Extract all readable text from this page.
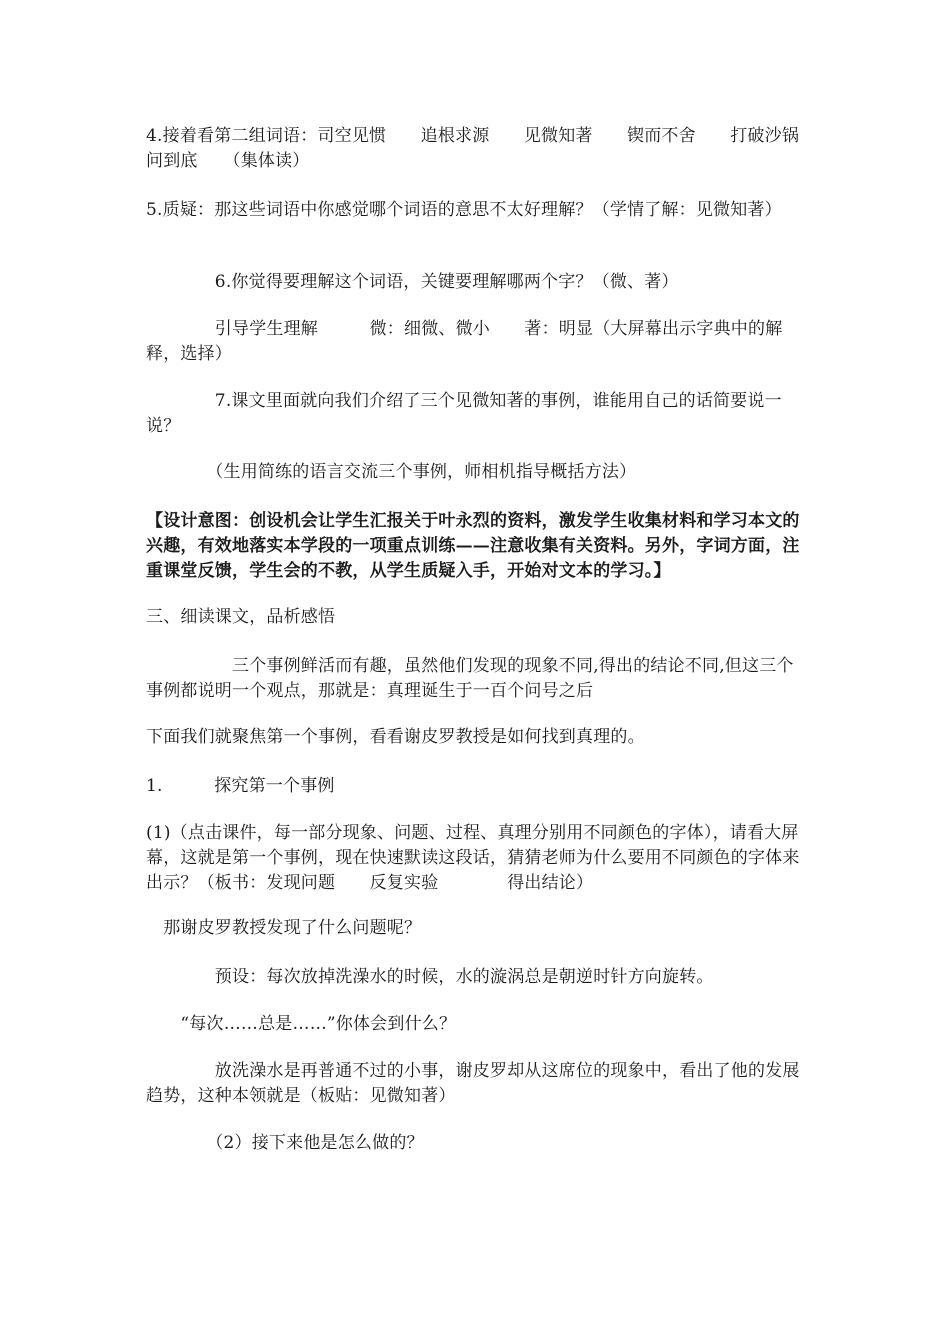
4.接着看第二组词语：司空见惯　　追根求源　　见微知著　　锲而不舍　　打破沙锅问到底　　（集体读）

5.质疑：那这些词语中你感觉哪个词语的意思不太好理解？（学情了解：见微知著）

　　　　6.你觉得要理解这个词语，关键要理解哪两个字？（微、著）

　　　　引导学生理解　　　微：细微、微小　　著：明显（大屏幕出示字典中的解释，选择）

　　　　7.课文里面就向我们介绍了三个见微知著的事例，谁能用自己的话简要说一说？

　　　　（生用简练的语言交流三个事例，师相机指导概括方法）

【设计意图：创设机会让学生汇报关于叶永烈的资料，激发学生收集材料和学习本文的兴趣，有效地落实本学段的一项重点训练——注意收集有关资料。另外，字词方面，注重课堂反馈，学生会的不教，从学生质疑入手，开始对文本的学习。】

三、细读课文，品析感悟

　　　　　三个事例鲜活而有趣，虽然他们发现的现象不同,得出的结论不同,但这三个事例都说明一个观点，那就是：真理诞生于一百个问号之后

下面我们就聚焦第一个事例，看看谢皮罗教授是如何找到真理的。

1.　　　探究第一个事例

(1)（点击课件，每一部分现象、问题、过程、真理分别用不同颜色的字体），请看大屏幕，这就是第一个事例，现在快速默读这段话，猜猜老师为什么要用不同颜色的字体来出示？（板书：发现问题　　反复实验　　　　得出结论）

　那谢皮罗教授发现了什么问题呢？

　　　　预设：每次放掉洗澡水的时候，水的漩涡总是朝逆时针方向旋转。

　　“每次……总是……”你体会到什么？

　　　　放洗澡水是再普通不过的小事，谢皮罗却从这席位的现象中，看出了他的发展趋势，这种本领就是（板贴：见微知著）

　　　　（2）接下来他是怎么做的？
